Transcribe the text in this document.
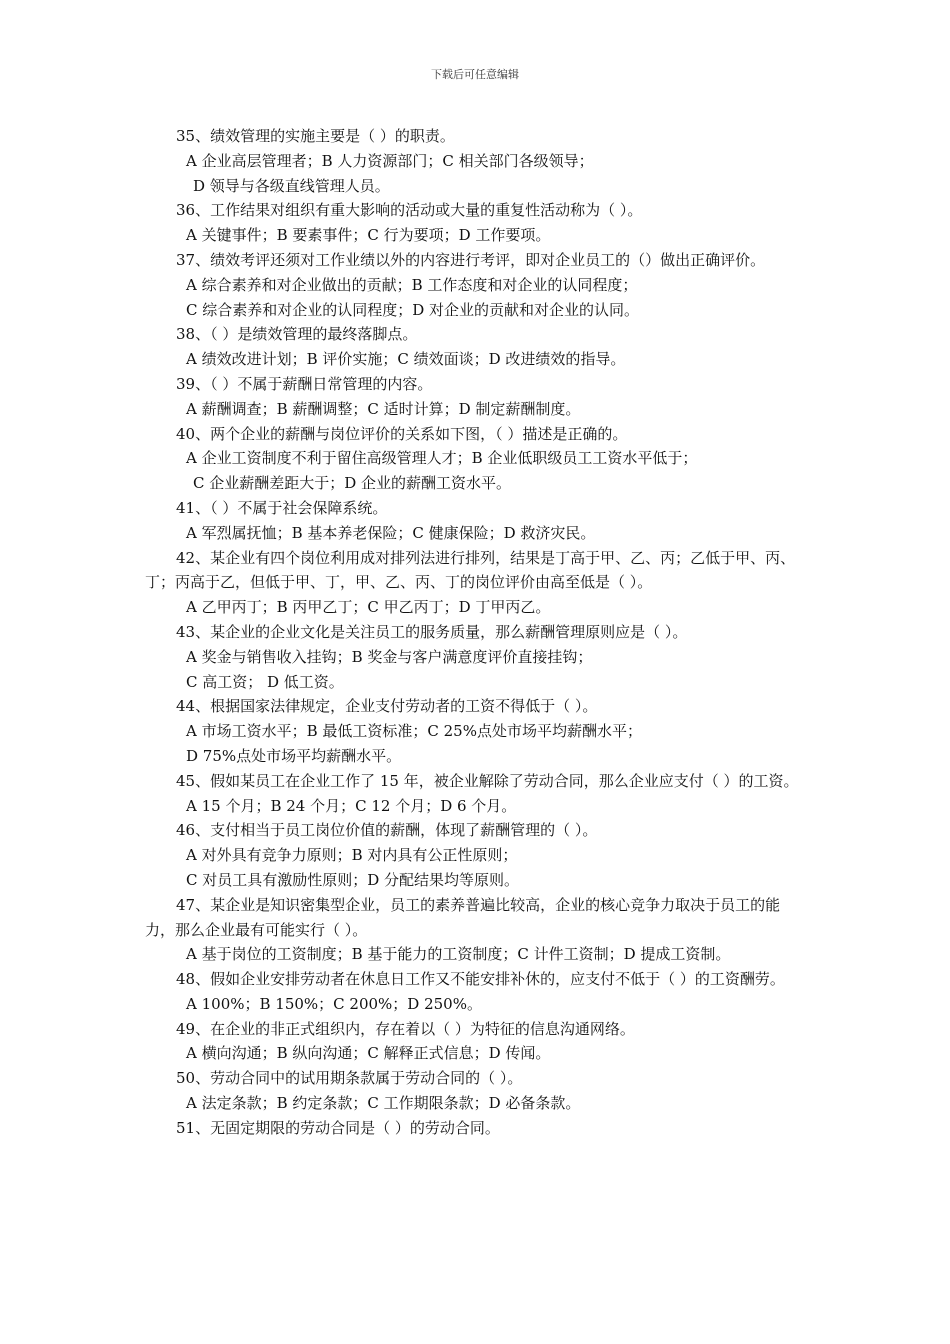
下载后可任意编辑
35、绩效管理的实施主要是（ ）的职责。
A 企业高层管理者；B 人力资源部门；C 相关部门各级领导；
D 领导与各级直线管理人员。
36、工作结果对组织有重大影响的活动或大量的重复性活动称为（ ）。
A 关键事件；B 要素事件；C 行为要项；D 工作要项。
37、绩效考评还须对工作业绩以外的内容进行考评，即对企业员工的（）做出正确评价。
A 综合素养和对企业做出的贡献；B 工作态度和对企业的认同程度；
C 综合素养和对企业的认同程度；D 对企业的贡献和对企业的认同。
38、（ ）是绩效管理的最终落脚点。
A 绩效改进计划；B 评价实施；C 绩效面谈；D 改进绩效的指导。
39、（ ）不属于薪酬日常管理的内容。
A 薪酬调查；B 薪酬调整；C 适时计算；D 制定薪酬制度。
40、两个企业的薪酬与岗位评价的关系如下图，（ ）描述是正确的。
A 企业工资制度不利于留住高级管理人才；B 企业低职级员工工资水平低于；
C 企业薪酬差距大于；D 企业的薪酬工资水平。
41、（ ）不属于社会保障系统。
A 军烈属抚恤；B 基本养老保险；C 健康保险；D 救济灾民。
42、某企业有四个岗位利用成对排列法进行排列，结果是丁高于甲、乙、丙；乙低于甲、丙、丁；丙高于乙，但低于甲、丁，甲、乙、丙、丁的岗位评价由高至低是（ ）。
A 乙甲丙丁；B 丙甲乙丁；C 甲乙丙丁；D 丁甲丙乙。
43、某企业的企业文化是关注员工的服务质量，那么薪酬管理原则应是（ ）。
A 奖金与销售收入挂钩；B 奖金与客户满意度评价直接挂钩；
C 高工资； D 低工资。
44、根据国家法律规定，企业支付劳动者的工资不得低于（ ）。
A 市场工资水平；B 最低工资标准；C 25%点处市场平均薪酬水平；
D 75%点处市场平均薪酬水平。
45、假如某员工在企业工作了 15 年，被企业解除了劳动合同，那么企业应支付（ ）的工资。
A 15 个月；B 24 个月；C 12 个月；D 6 个月。
46、支付相当于员工岗位价值的薪酬，体现了薪酬管理的（ ）。
A 对外具有竞争力原则；B 对内具有公正性原则；
C 对员工具有激励性原则；D 分配结果均等原则。
47、某企业是知识密集型企业，员工的素养普遍比较高，企业的核心竞争力取决于员工的能力，那么企业最有可能实行（ ）。
A 基于岗位的工资制度；B 基于能力的工资制度；C 计件工资制；D 提成工资制。
48、假如企业安排劳动者在休息日工作又不能安排补休的，应支付不低于（ ）的工资酬劳。
A 100%；B 150%；C 200%；D 250%。
49、在企业的非正式组织内，存在着以（ ）为特征的信息沟通网络。
A 横向沟通；B 纵向沟通；C 解释正式信息；D 传闻。
50、劳动合同中的试用期条款属于劳动合同的（ ）。
A 法定条款；B 约定条款；C 工作期限条款；D 必备条款。
51、无固定期限的劳动合同是（ ）的劳动合同。
